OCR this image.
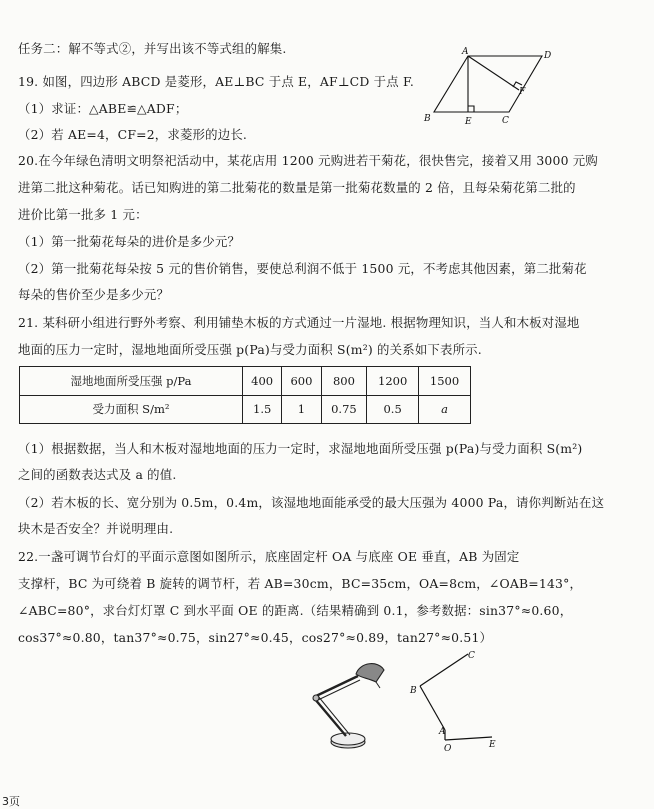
任务二：解不等式②，并写出该不等式组的解集.
19. 如图，四边形 ABCD 是菱形，AE⊥BC 于点 E，AF⊥CD 于点 F.
（1）求证：△ABE≌△ADF；
（2）若 AE=4，CF=2，求菱形的边长.
20.在今年绿色清明文明祭祀活动中，某花店用 1200 元购进若干菊花，很快售完，接着又用 3000 元购
进第二批这种菊花。话已知购进的第二批菊花的数量是第一批菊花数量的 2 倍，且每朵菊花第二批的
进价比第一批多 1 元：
（1）第一批菊花每朵的进价是多少元？
（2）第一批菊花每朵按 5 元的售价销售，要使总利润不低于 1500 元，不考虑其他因素，第二批菊花
每朵的售价至少是多少元？
21. 某科研小组进行野外考察、利用铺垫木板的方式通过一片湿地. 根据物理知识，当人和木板对湿地
地面的压力一定时，湿地地面所受压强 p(Pa)与受力面积 S(m²) 的关系如下表所示.
湿地地面所受压强 p/Pa	400	600	800	1200	1500
受力面积 S/m²	1.5	1	0.75	0.5	a
（1）根据数据，当人和木板对湿地地面的压力一定时，求湿地地面所受压强 p(Pa)与受力面积 S(m²)
之间的函数表达式及 a 的值.
（2）若木板的长、宽分别为 0.5m，0.4m，该湿地地面能承受的最大压强为 4000 Pa，请你判断站在这
块木是否安全？并说明理由.
22.一盏可调节台灯的平面示意图如图所示，底座固定杆 OA 与底座 OE 垂直，AB 为固定
支撑杆，BC 为可绕着 B 旋转的调节杆，若 AB=30cm，BC=35cm，OA=8cm，∠OAB=143°，
∠ABC=80°，求台灯灯罩 C 到水平面 OE 的距离.（结果精确到 0.1，参考数据：sin37°≈0.60，
cos37°≈0.80，tan37°≈0.75，sin27°≈0.45，cos27°≈0.89，tan27°≈0.51）
A	D
B	E	C
F
B
C
A
O	E
3页
